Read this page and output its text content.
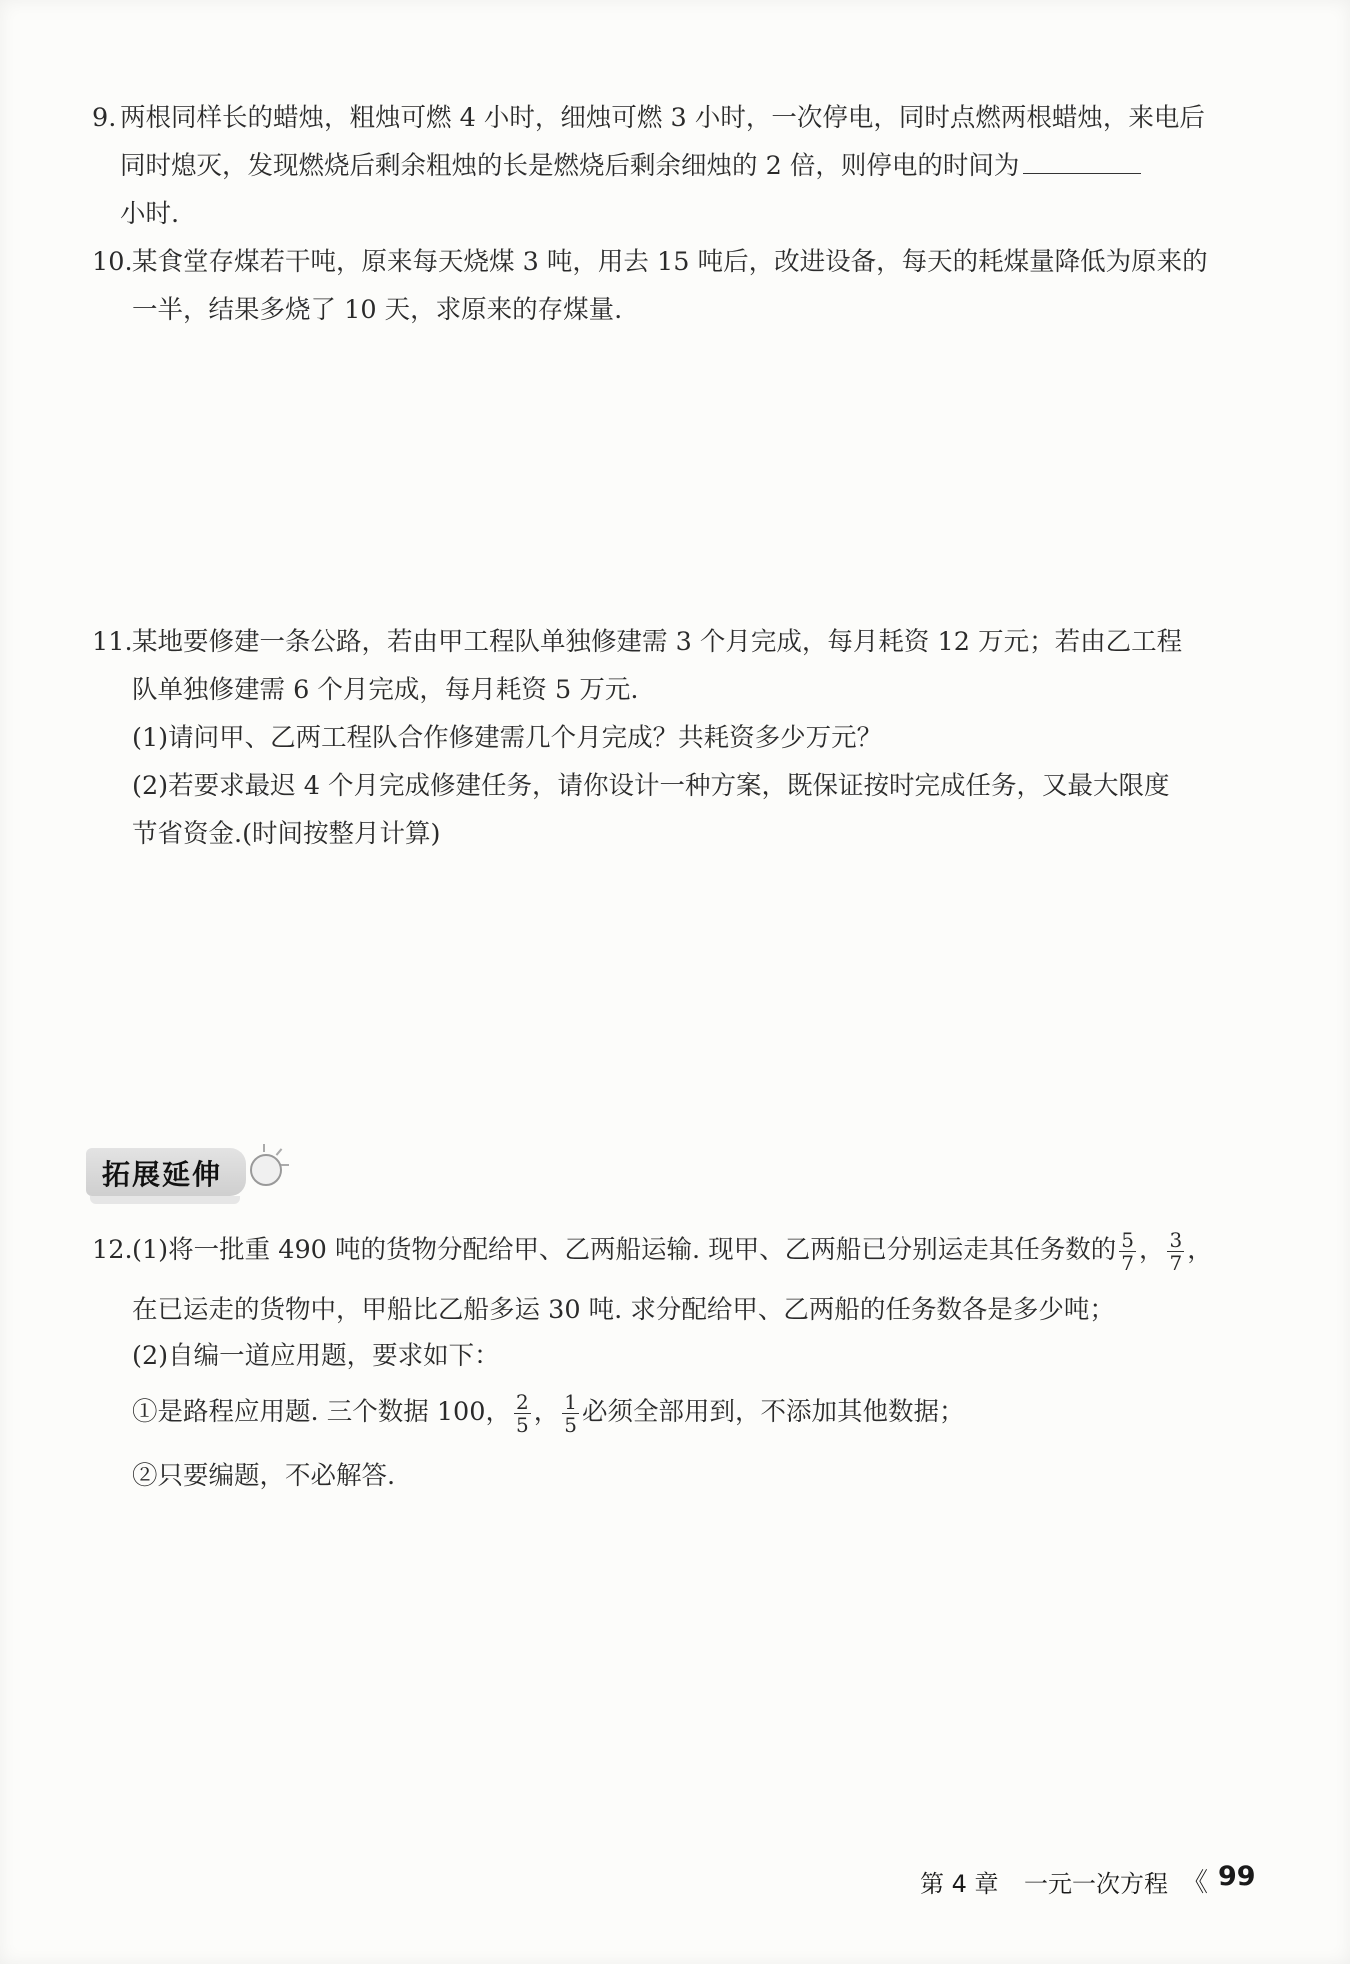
9. 两根同样长的蜡烛，粗烛可燃 4 小时，细烛可燃 3 小时，一次停电，同时点燃两根蜡烛，来电后
同时熄灭，发现燃烧后剩余粗烛的长是燃烧后剩余细烛的 2 倍，则停电的时间为
小时.
10. 某食堂存煤若干吨，原来每天烧煤 3 吨，用去 15 吨后，改进设备，每天的耗煤量降低为原来的
一半，结果多烧了 10 天，求原来的存煤量.
11. 某地要修建一条公路，若由甲工程队单独修建需 3 个月完成，每月耗资 12 万元；若由乙工程
队单独修建需 6 个月完成，每月耗资 5 万元.
(1)请问甲、乙两工程队合作修建需几个月完成？共耗资多少万元？
(2)若要求最迟 4 个月完成修建任务，请你设计一种方案，既保证按时完成任务，又最大限度
节省资金.(时间按整月计算)
拓展延伸
12. (1)将一批重 490 吨的货物分配给甲、乙两船运输. 现甲、乙两船已分别运走其任务数的 $\frac{5}{7}$ ， $\frac{3}{7}$ ，
在已运走的货物中，甲船比乙船多运 30 吨. 求分配给甲、乙两船的任务数各是多少吨；
(2)自编一道应用题，要求如下：
①是路程应用题. 三个数据 100， $\frac{2}{5}$ ， $\frac{1}{5}$ 必须全部用到，不添加其他数据；
②只要编题，不必解答.
第 4 章 一元一次方程 《 99
